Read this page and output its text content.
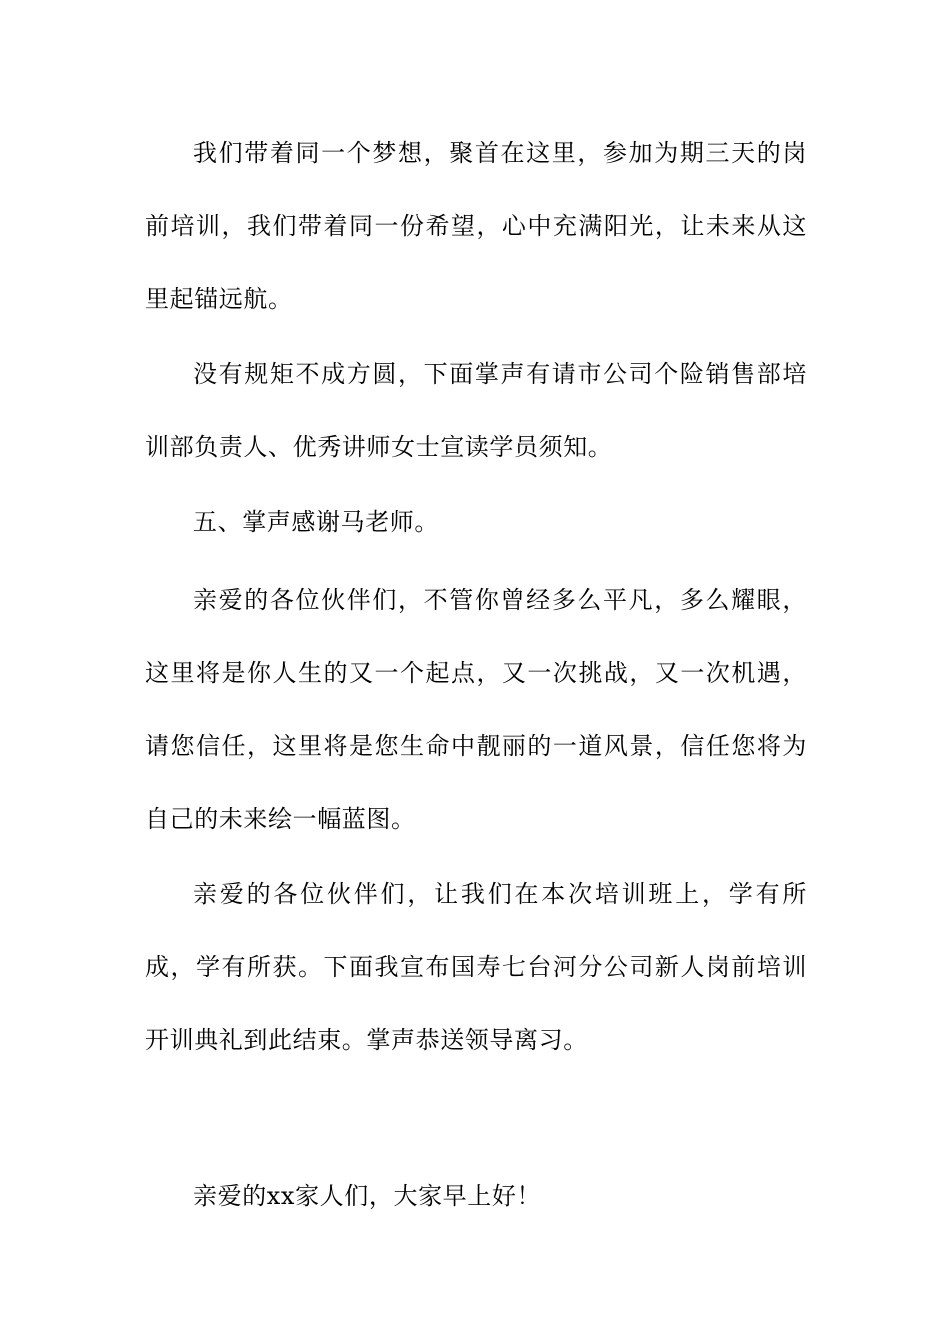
我们带着同一个梦想，聚首在这里，参加为期三天的岗前培训，我们带着同一份希望，心中充满阳光，让未来从这里起锚远航。

没有规矩不成方圆，下面掌声有请市公司个险销售部培训部负责人、优秀讲师女士宣读学员须知。

五、掌声感谢马老师。

亲爱的各位伙伴们，不管你曾经多么平凡，多么耀眼，这里将是你人生的又一个起点，又一次挑战，又一次机遇，请您信任，这里将是您生命中靓丽的一道风景，信任您将为自己的未来绘一幅蓝图。

亲爱的各位伙伴们，让我们在本次培训班上，学有所成，学有所获。下面我宣布国寿七台河分公司新人岗前培训开训典礼到此结束。掌声恭送领导离习。

亲爱的xx家人们，大家早上好！
